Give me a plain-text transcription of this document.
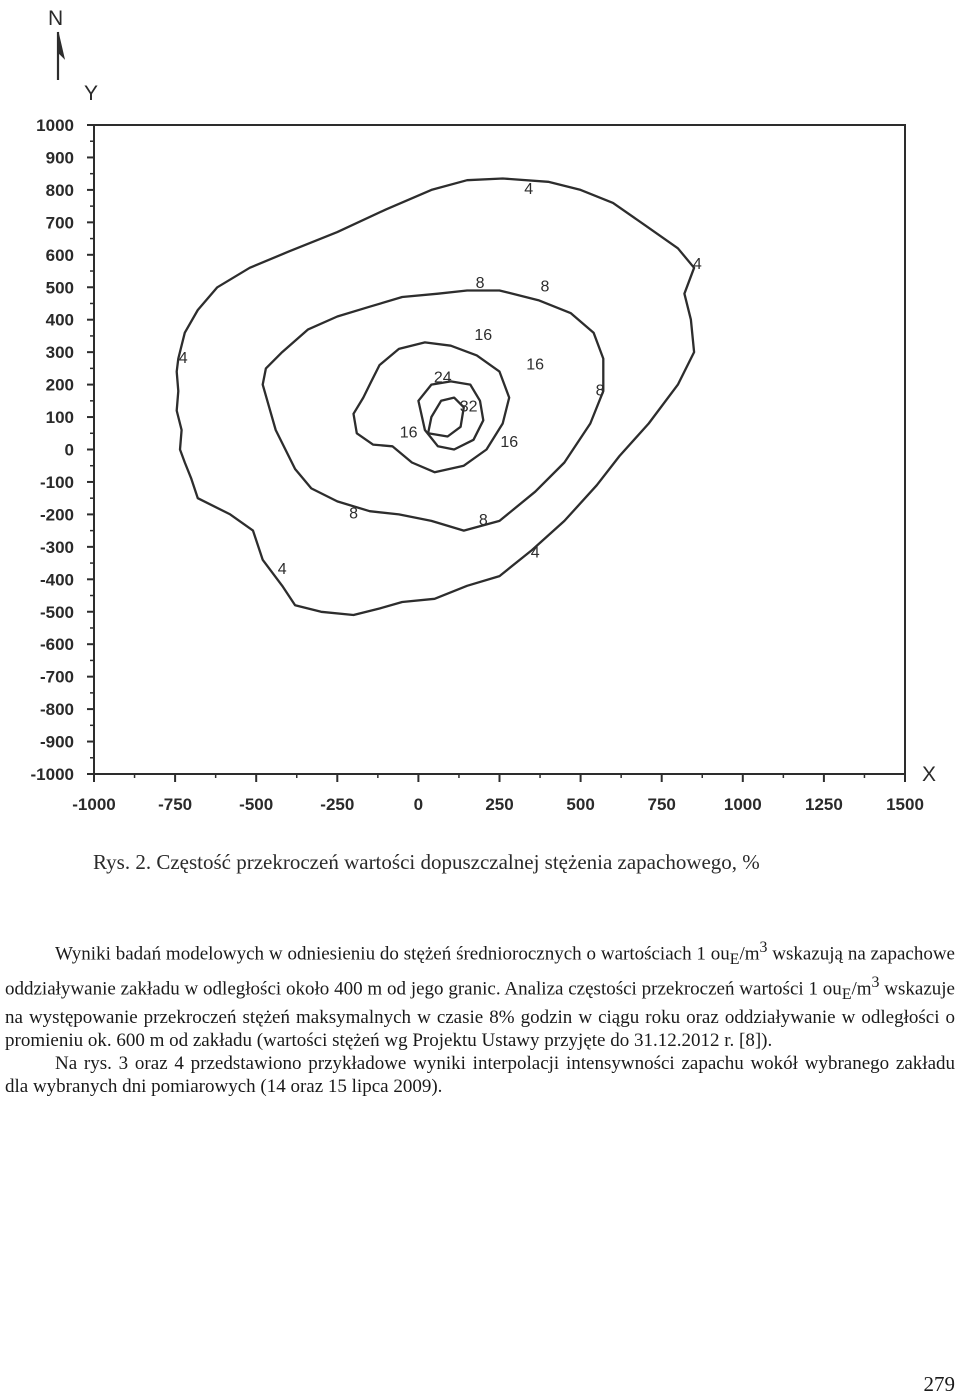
N
Y
X
1000
900
800
700
600
500
400
300
200
100
0
-100
-200
-300
-400
-500
-600
-700
-800
-900
-1000
-1000 -750	-500	-250	0	250	500	750	1000	1250	1500
4
4
4
4
4
8	8
8
8	8
16
16
16
16
24
32
Rys. 2. Częstość przekroczeń wartości dopuszczalnej stężenia zapachowego, %

Wyniki badań modelowych w odniesieniu do stężeń średniorocznych o wartościach 1 $ou_E/m^3$ wskazują na zapachowe oddziaływanie zakładu w odległości około 400 m od jego granic. Analiza częstości przekroczeń wartości 1 $ou_E/m^3$ wskazuje na występowanie przekroczeń stężeń maksymalnych w czasie 8% godzin w ciągu roku oraz oddziaływanie w odległości o promieniu ok. 600 m od zakładu (wartości stężeń wg Projektu Ustawy przyjęte do 31.12.2012 r. [8]).

Na rys. 3 oraz 4 przedstawiono przykładowe wyniki interpolacji intensywności zapachu wokół wybranego zakładu dla wybranych dni pomiarowych (14 oraz 15 lipca 2009).

279
